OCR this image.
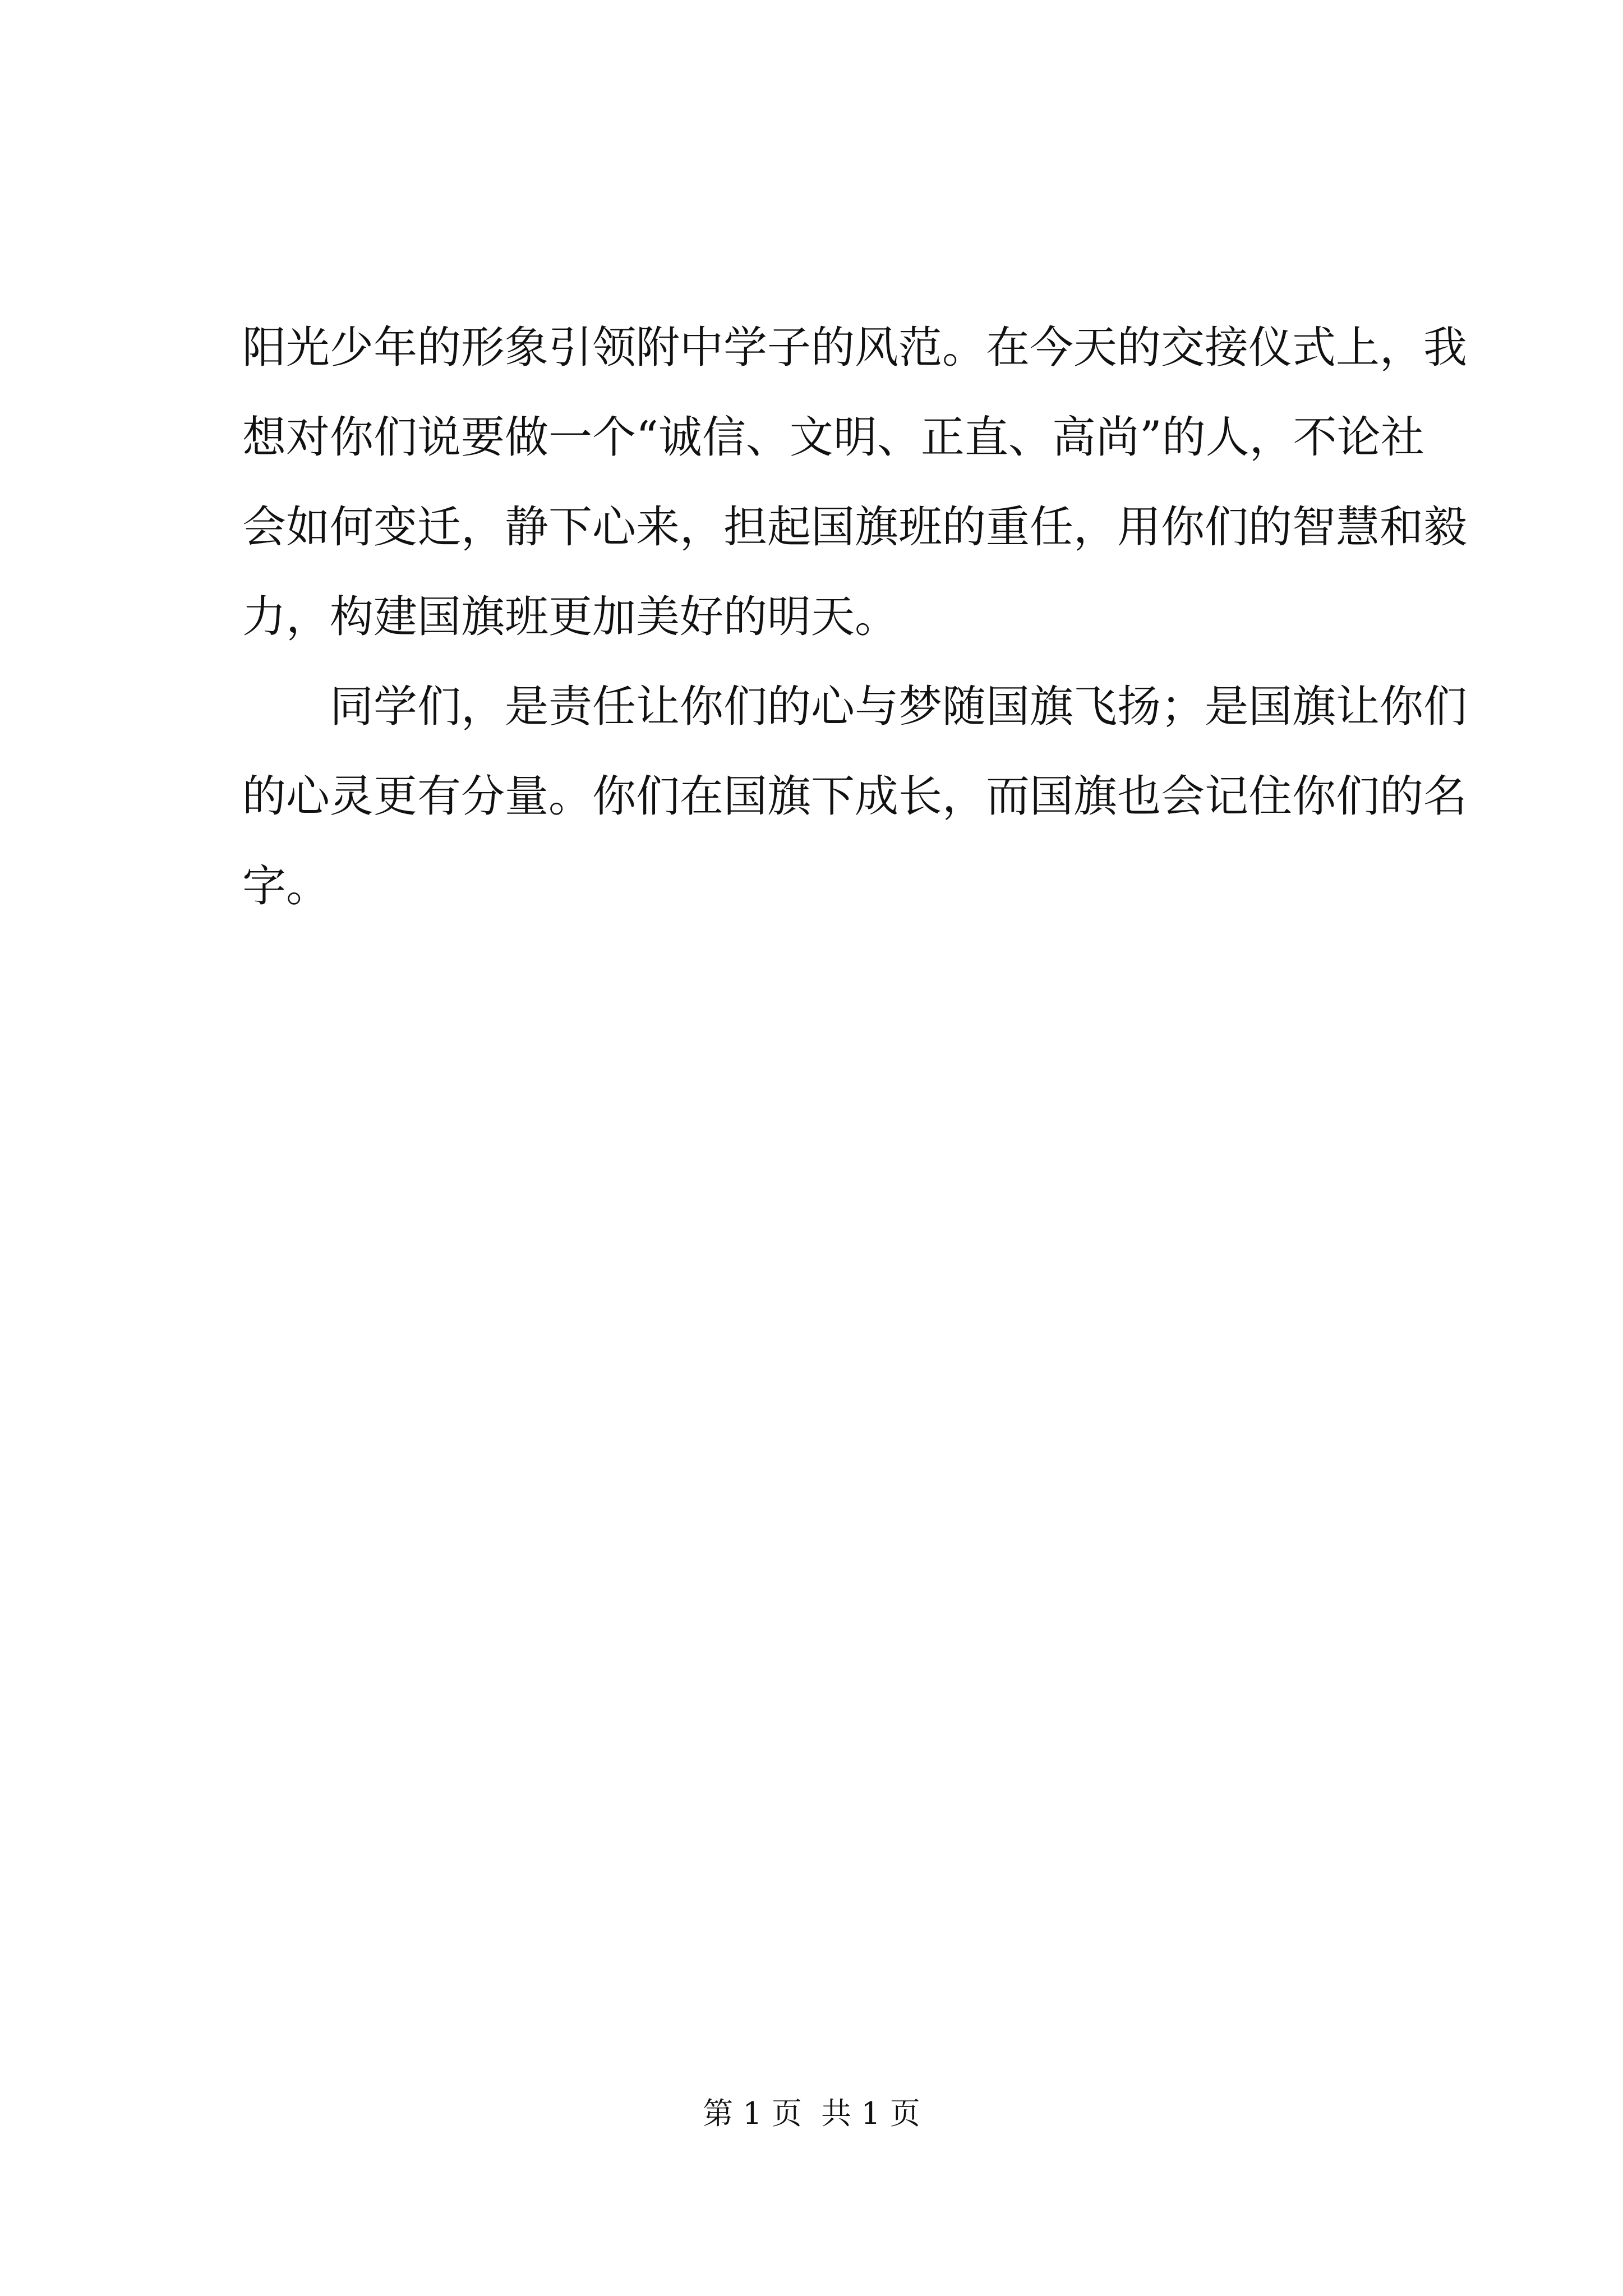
阳光少年的形象引领附中学子的风范。在今天的交接仪式上，我
想对你们说要做一个“诚信、文明、正直、高尚”的人，不论社
会如何变迁，静下心来，担起国旗班的重任，用你们的智慧和毅
力，构建国旗班更加美好的明天。
同学们，是责任让你们的心与梦随国旗飞扬；是国旗让你们
的心灵更有分量。你们在国旗下成长，而国旗也会记住你们的名
字。
第 1 页  共 1 页
